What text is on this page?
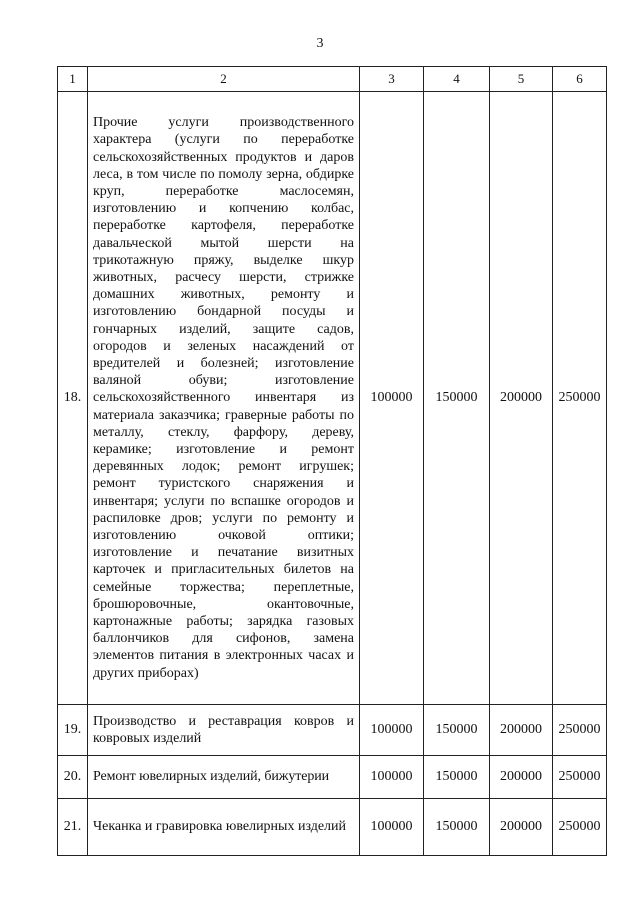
3
1	2	3	4	5	6
18.	Прочие услуги производственного характера (услуги по переработке сельскохозяйственных продуктов и даров леса, в том числе по помолу зерна, обдирке круп, переработке маслосемян, изготовлению и копчению колбас, переработке картофеля, переработке давальческой мытой шерсти на трикотажную пряжу, выделке шкур животных, расчесу шерсти, стрижке домашних животных, ремонту и изготовлению бондарной посуды и гончарных изделий, защите садов, огородов и зеленых насаждений от вредителей и болезней; изготовление валяной обуви; изготовление сельскохозяйственного инвентаря из материала заказчика; граверные работы по металлу, стеклу, фарфору, дереву, керамике; изготовление и ремонт деревянных лодок; ремонт игрушек; ремонт туристского снаряжения и инвентаря; услуги по вспашке огородов и распиловке дров; услуги по ремонту и изготовлению очковой оптики; изготовление и печатание визитных карточек и пригласительных билетов на семейные торжества; переплетные, брошюровочные, окантовочные, картонажные работы; зарядка газовых баллончиков для сифонов, замена элементов питания в электронных часах и других приборах)	100000	150000	200000	250000
19.	Производство и реставрация ковров и ковровых изделий	100000	150000	200000	250000
20.	Ремонт ювелирных изделий, бижутерии	100000	150000	200000	250000
21.	Чеканка и гравировка ювелирных изделий	100000	150000	200000	250000
